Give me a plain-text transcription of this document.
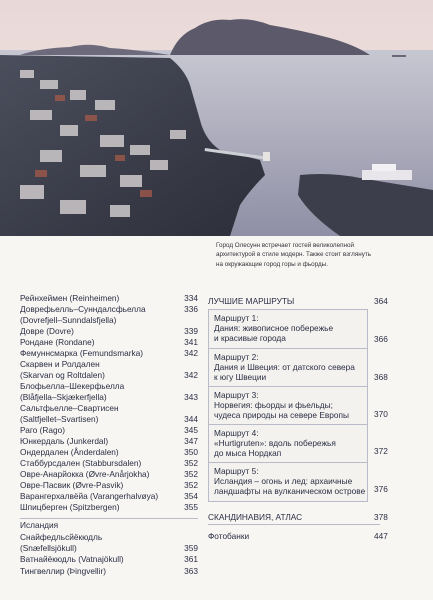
Город Олесунн встречает гостей великолепной
архитектурой в стиле модерн. Также стоит взглянуть
на окружающие город горы и фьорды.
Рейнхеймен (Reinheimen)	334
Доврефьелль–Сунндалсфьелла	336
(Dovrefjell–Sunndalsfjella)
Довре (Dovre)	339
Рондане (Rondane)	341
Фемуннсмарка (Femundsmarka)	342
Скарвен и Ролдален
(Skarvan og Roltdalen)	342
Блофьелла–Шекерфьелла
(Blåfjella–Skjækerfjella)	343
Сальтфьелле–Свартисен
(Saltfjellet–Svartisen)	344
Раго (Rago)	345
Юнкердаль (Junkerdal)	347
Ондердален (Ånderdalen)	350
Стаббурсдален (Stabbursdalen)	352
Овре-Анарйокка (Øvre-Anårjokha)	352
Овре-Пасвик (Øvre-Pasvik)	352
Варангерхалвёйа (Varangerhalvøya)	354
Шпицберген (Spitzbergen)	355
Исландия
Снайфедльсйёкюдль
(Snæfellsjökull)	359
Ватнайёкюдль (Vatnajökull)	361
Тингвеллир (Þingvellir)	363
ЛУЧШИЕ МАРШРУТЫ	364
Маршрут 1:
Дания: живописное побережье
и красивые города	366
Маршрут 2:
Дания и Швеция: от датского севера
к югу Швеции	368
Маршрут 3:
Норвегия: фьорды и фьельды;
чудеса природы на севере Европы	370
Маршрут 4:
«Hurtigruten»: вдоль побережья
до мыса Нордкап	372
Маршрут 5:
Исландия – огонь и лед: архаичные
ландшафты на вулканическом острове 376
СКАНДИНАВИЯ, АТЛАС	378
Фотобанки	447
